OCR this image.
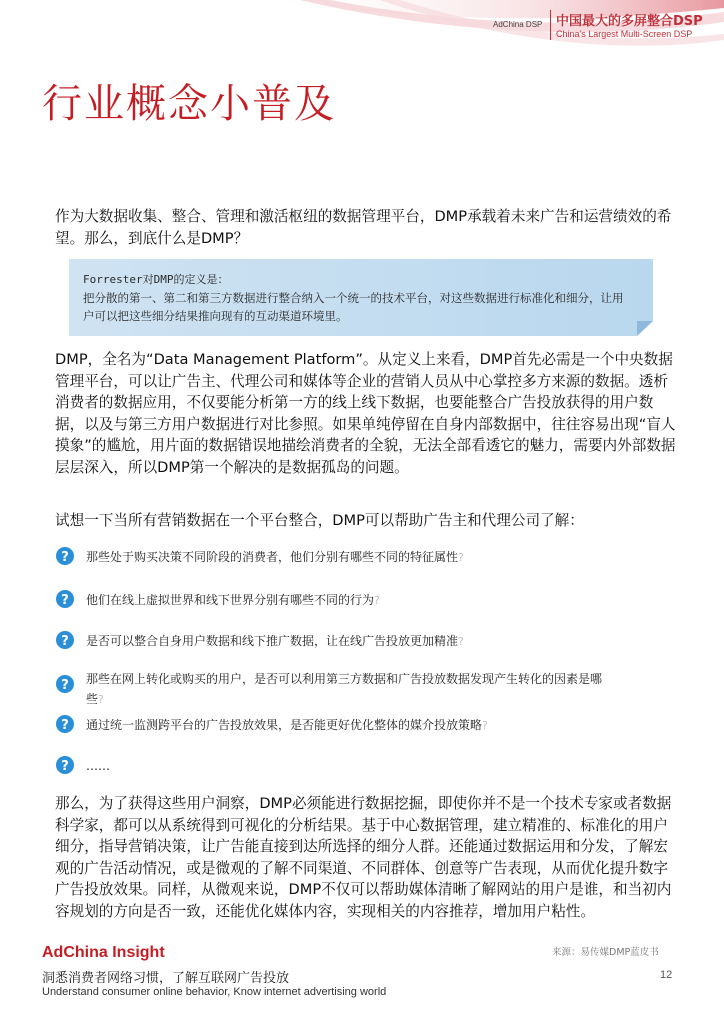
AdChina DSP 中国最大的多屏整合DSP
China's Largest Multi-Screen DSP
行业概念小普及

作为大数据收集、整合、管理和激活枢纽的数据管理平台，DMP承载着未来广告和运营绩效的希望。那么，到底什么是DMP？

Forrester对DMP的定义是：
把分散的第一、第二和第三方数据进行整合纳入一个统一的技术平台，对这些数据进行标准化和细分，让用户可以把这些细分结果推向现有的互动渠道环境里。

DMP，全名为“Data Management Platform”。从定义上来看，DMP首先必需是一个中央数据管理平台，可以让广告主、代理公司和媒体等企业的营销人员从中心掌控多方来源的数据。透析消费者的数据应用，不仅要能分析第一方的线上线下数据，也要能整合广告投放获得的用户数据，以及与第三方用户数据进行对比参照。如果单纯停留在自身内部数据中，往往容易出现“盲人摸象”的尴尬，用片面的数据错误地描绘消费者的全貌，无法全部看透它的魅力，需要内外部数据层层深入，所以DMP第一个解决的是数据孤岛的问题。

试想一下当所有营销数据在一个平台整合，DMP可以帮助广告主和代理公司了解：

? 那些处于购买决策不同阶段的消费者，他们分别有哪些不同的特征属性?
? 他们在线上虚拟世界和线下世界分别有哪些不同的行为?
? 是否可以整合自身用户数据和线下推广数据，让在线广告投放更加精准?
? 那些在网上转化或购买的用户，是否可以利用第三方数据和广告投放数据发现产生转化的因素是哪些?
? 通过统一监测跨平台的广告投放效果，是否能更好优化整体的媒介投放策略?
? ……

那么，为了获得这些用户洞察，DMP必须能进行数据挖掘，即使你并不是一个技术专家或者数据科学家，都可以从系统得到可视化的分析结果。基于中心数据管理，建立精准的、标准化的用户细分，指导营销决策，让广告能直接到达所选择的细分人群。还能通过数据运用和分发，了解宏观的广告活动情况，或是微观的了解不同渠道、不同群体、创意等广告表现，从而优化提升数字广告投放效果。同样，从微观来说，DMP不仅可以帮助媒体清晰了解网站的用户是谁，和当初内容规划的方向是否一致，还能优化媒体内容，实现相关的内容推荐，增加用户粘性。

AdChina Insight
洞悉消费者网络习惯，了解互联网广告投放
Understand consumer online behavior, Know internet advertising world
来源：易传媒DMP蓝皮书
12
